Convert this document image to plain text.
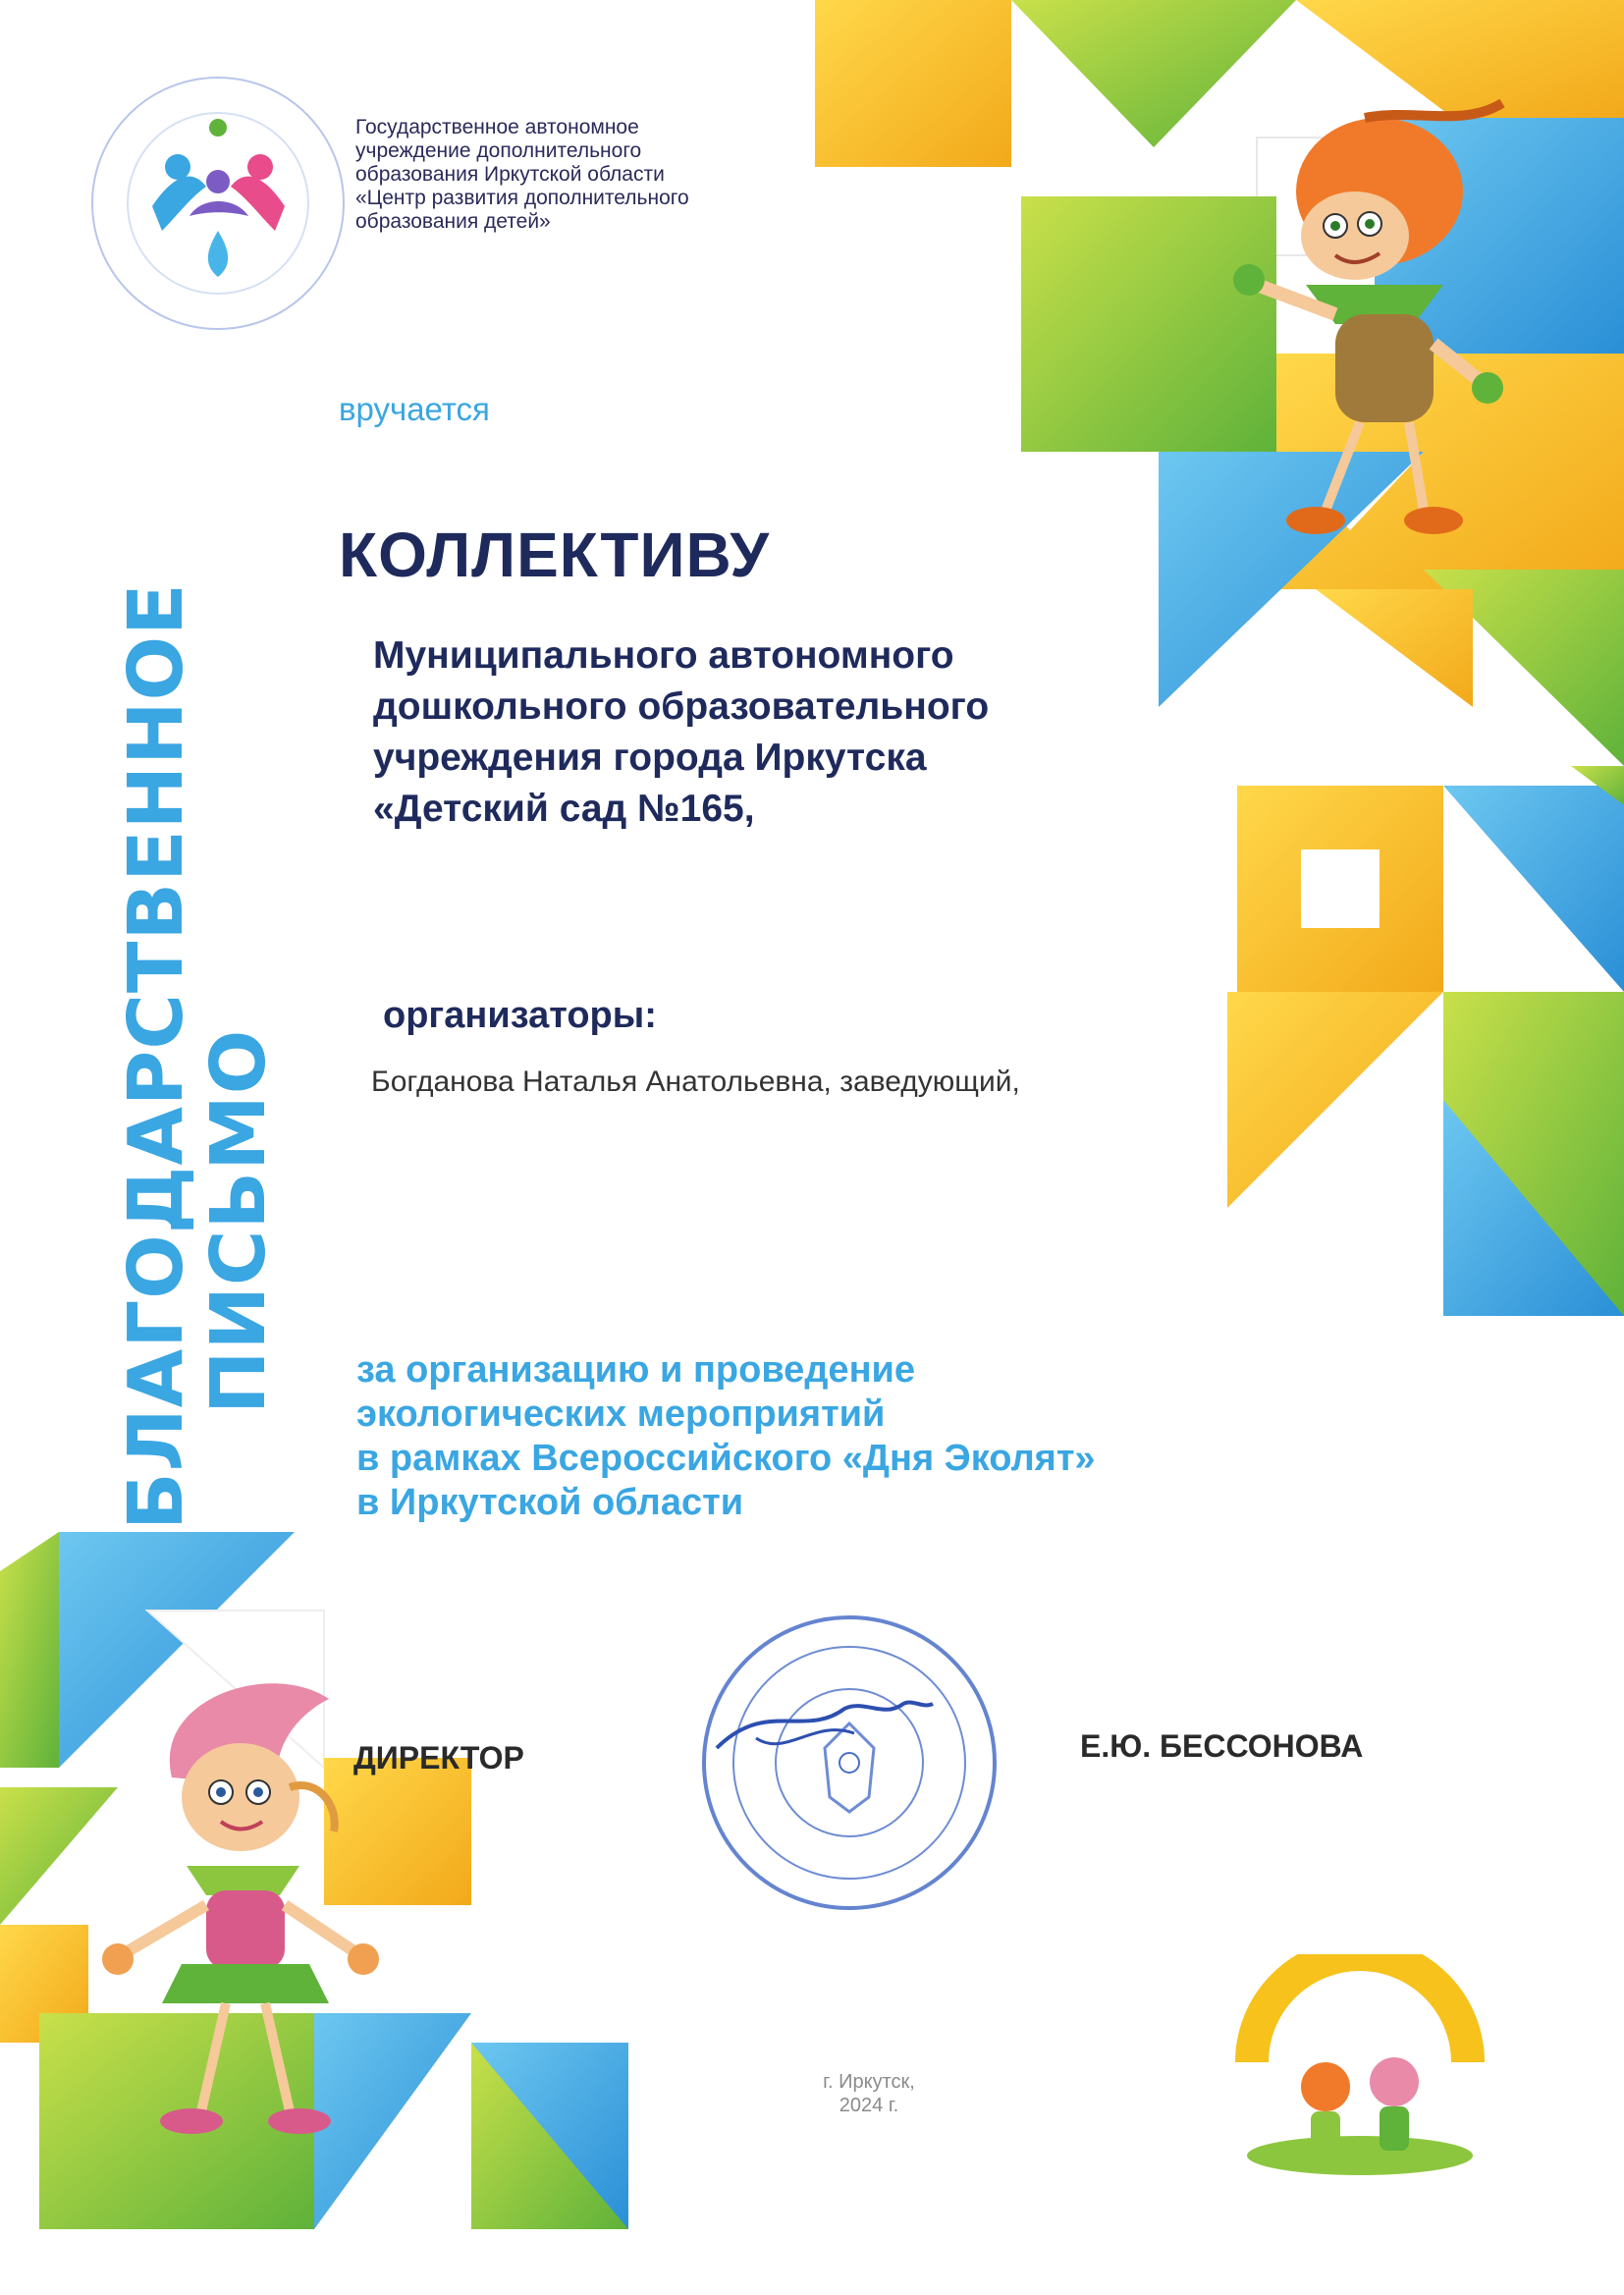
Государственное автономное
учреждение дополнительного
образования Иркутской области
«Центр развития дополнительного
образования детей»
БЛАГОДАРСТВЕННОЕ
ПИСЬМО
вручается
КОЛЛЕКТИВУ
Муниципального автономного
дошкольного образовательного
учреждения города Иркутска
«Детский сад №165,
организаторы:
Богданова Наталья Анатольевна, заведующий,
за организацию и проведение
экологических мероприятий
в рамках Всероссийского «Дня Эколят»
в Иркутской области
ДИРЕКТОР	Е.Ю. БЕССОНОВА
г. Иркутск,
2024 г.
